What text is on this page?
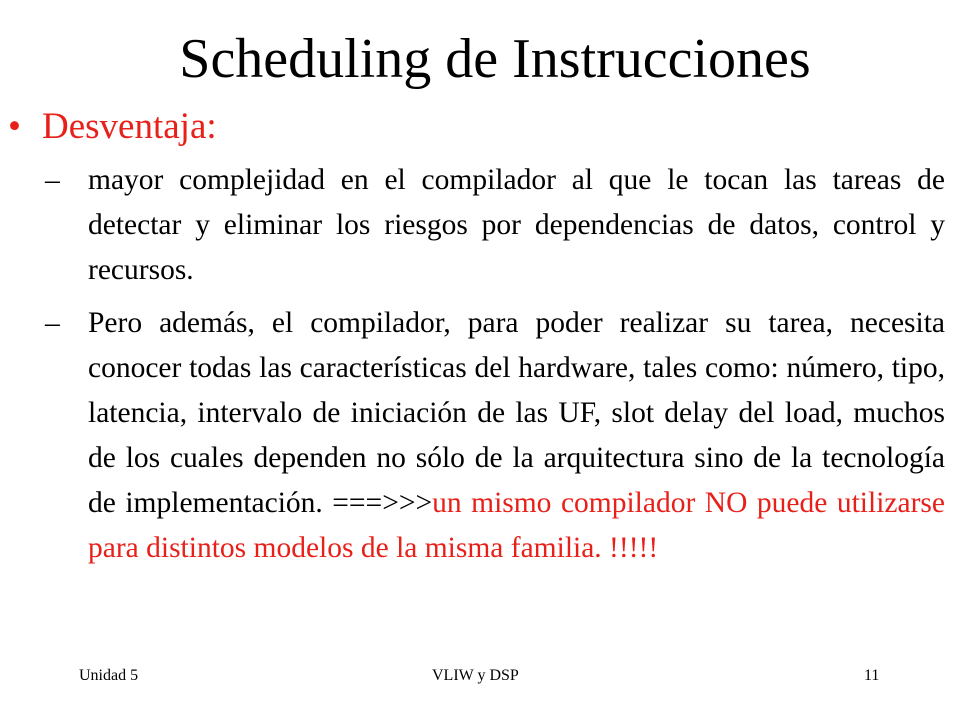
Scheduling de Instrucciones
• Desventaja:
– mayor complejidad en el compilador al que le tocan las tareas de detectar y eliminar los riesgos por dependencias de datos, control y recursos.
– Pero además, el compilador, para poder realizar su tarea, necesita conocer todas las características del hardware, tales como: número, tipo, latencia, intervalo de iniciación de las UF, slot delay del load, muchos de los cuales dependen no sólo de la arquitectura sino de la tecnología de implementación. ===>>>un mismo compilador NO puede utilizarse para distintos modelos de la misma familia. !!!!!
Unidad 5	VLIW y DSP	11
